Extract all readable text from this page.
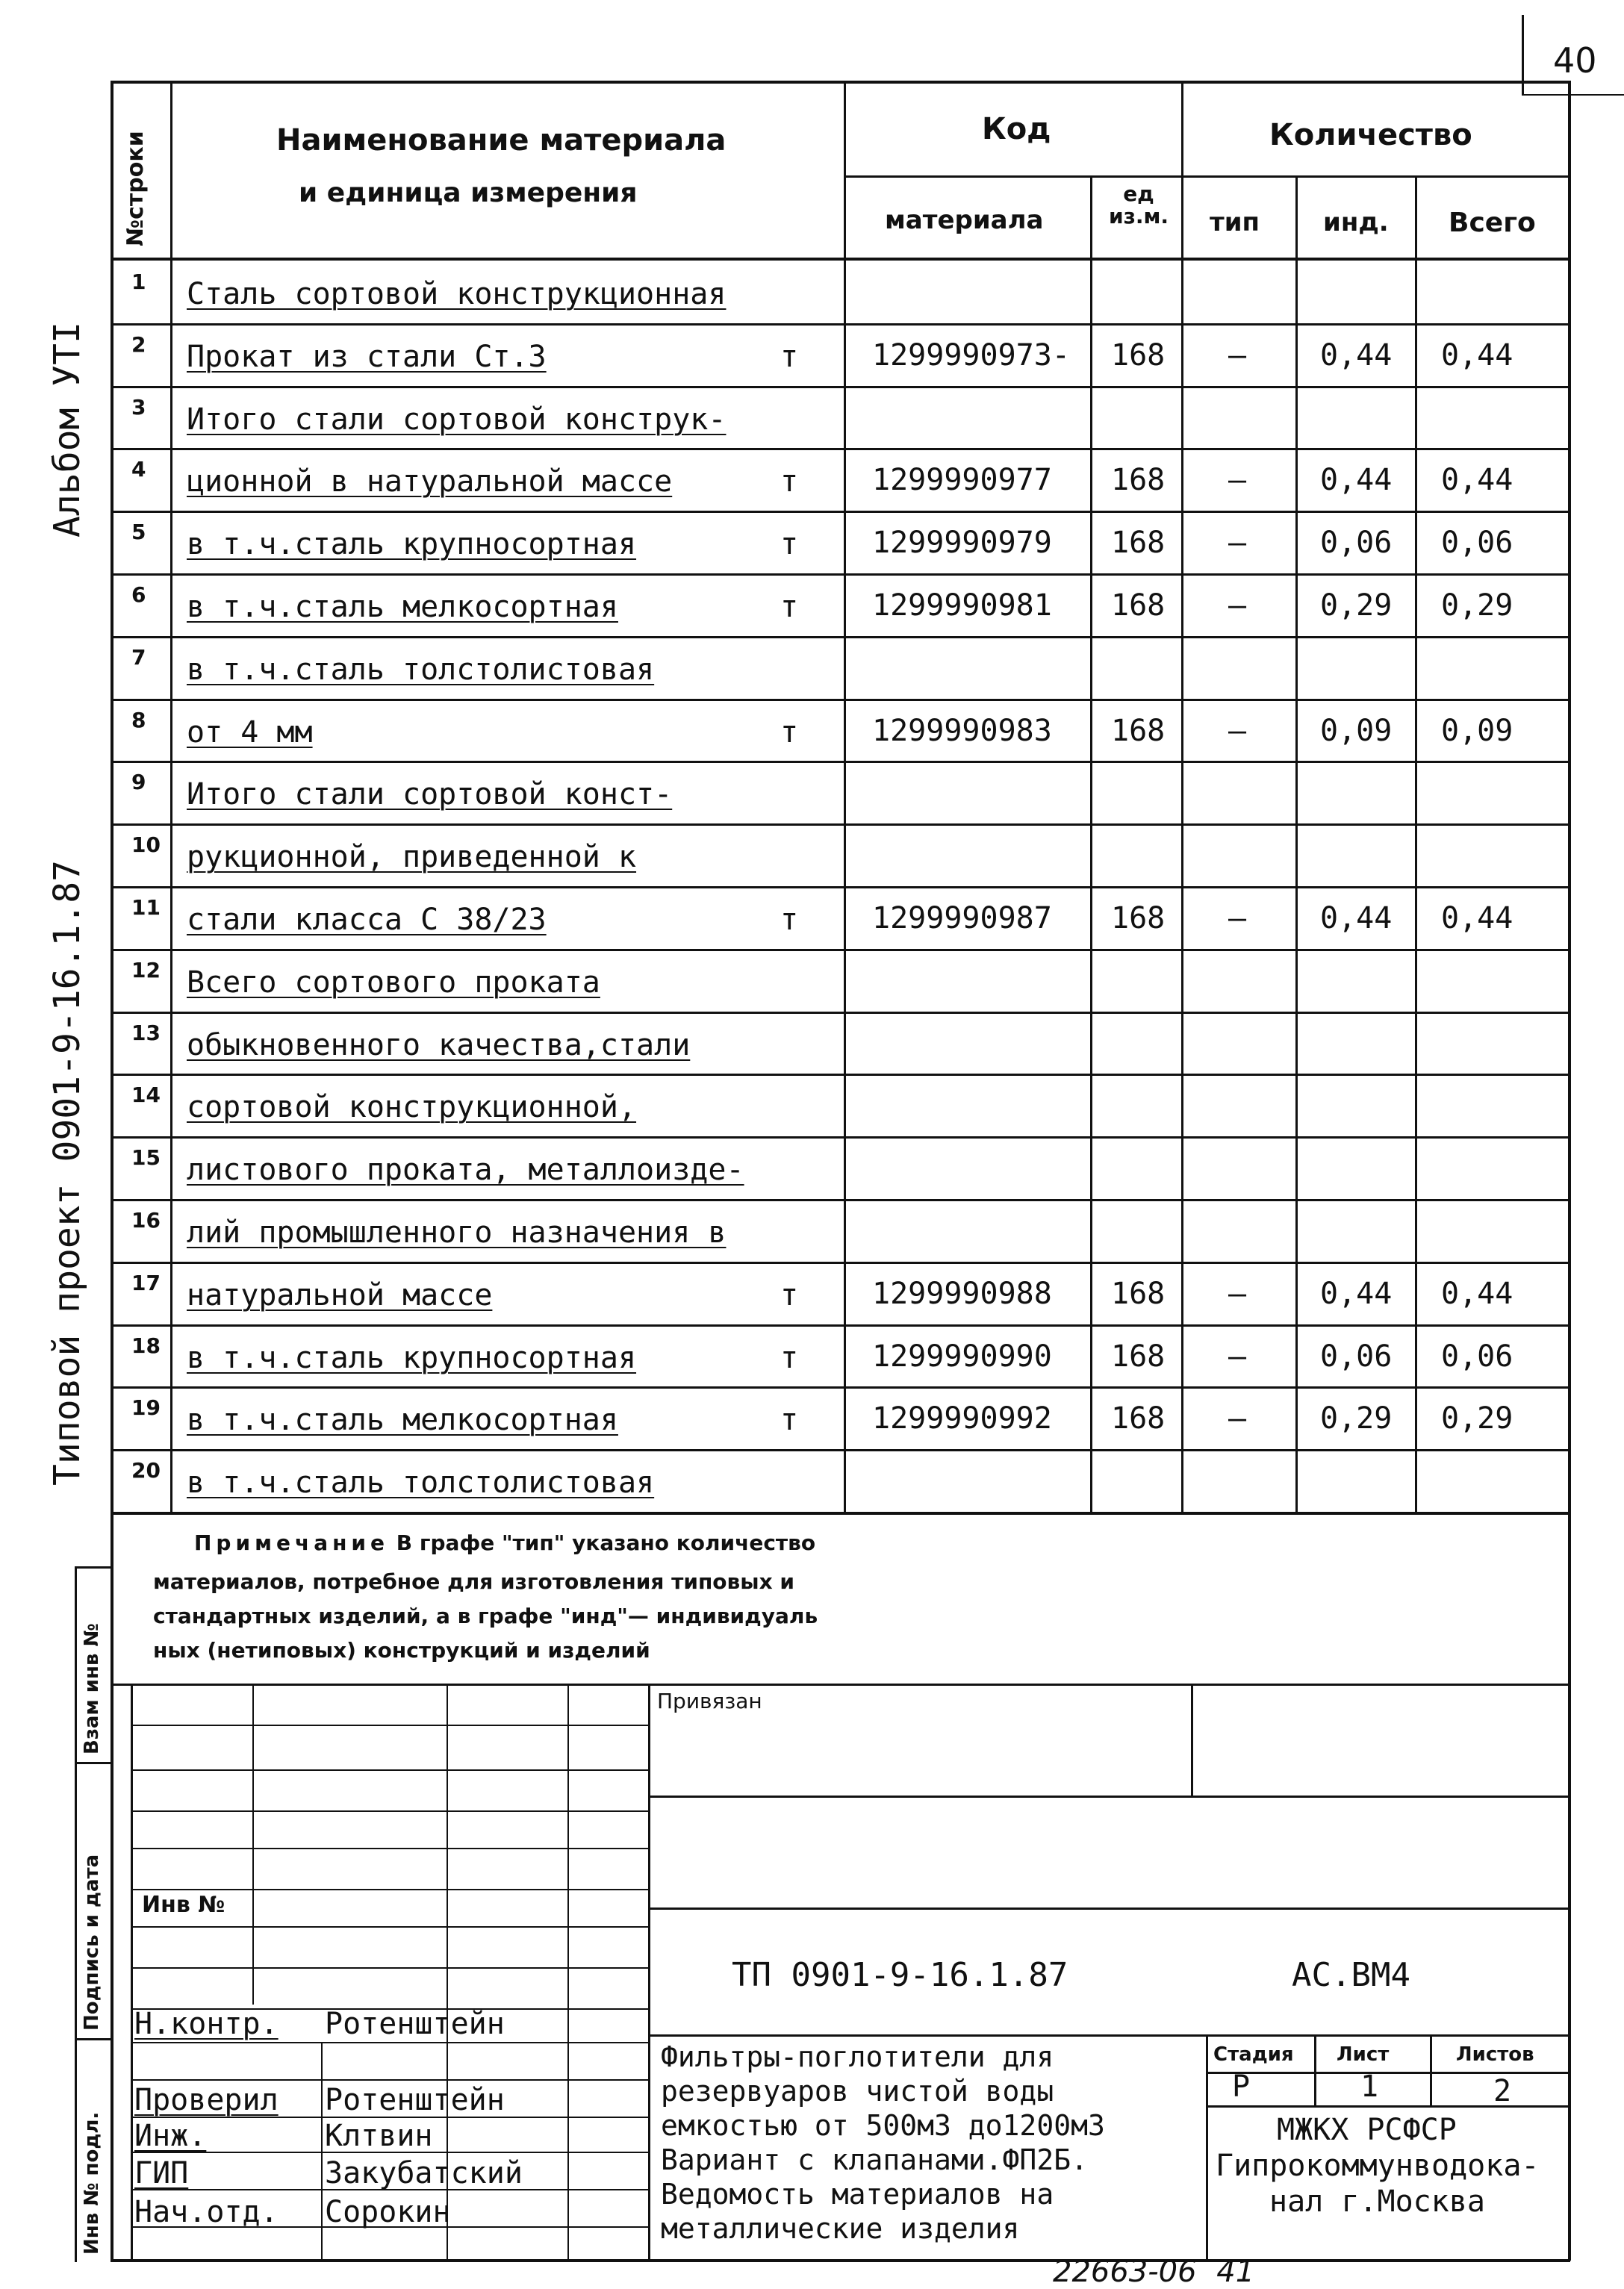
40
Альбом УТI
Типовой проект 0901-9-16.1.87
№строки	Наименование материала
и единица измерения
Код
материала
ед из.м.
Количество
тип инд. Всего
1 Сталь сортовой конструкционная
2 Прокат из стали Ст.3	т 1299990973- 168 – 0,44 0,44
3 Итого стали сортовой конструк-
4 ционной в натуральной массе	т 1299990977 168 – 0,44 0,44
5 в т.ч.сталь крупносортная	т 1299990979 168 – 0,06 0,06
6 в т.ч.сталь мелкосортная	т 1299990981 168 – 0,29 0,29
7 в т.ч.сталь толстолистовая
8 от 4 мм	т 1299990983 168 – 0,09 0,09
9 Итого стали сортовой конст-
10 рукционной, приведенной к
11 стали класса С 38/23	т 1299990987 168 – 0,44 0,44
12 Всего сортового проката
13 обыкновенного качества,стали
14 сортовой конструкционной,
15 листового проката, металлоизде-
16 лий промышленного назначения в
17 натуральной массе	т 1299990988 168 – 0,44 0,44
18 в т.ч.сталь крупносортная	т 1299990990 168 – 0,06 0,06
19 в т.ч.сталь мелкосортная	т 1299990992 168 – 0,29 0,29
20 в т.ч.сталь толстолистовая
Примечание В графе "тип" указано количество
материалов, потребное для изготовления типовых и
стандартных изделий, а в графе "инд"— индивидуаль
ных (нетиповых) конструкций и изделий
Взам инв №
Подпись и дата
Инв № подл.
Привязан
Инв №
ТП 0901-9-16.1.87	АС.ВМ4
Н.контр. Ротенштейн
Проверил Ротенштейн
Инж.	Клтвин
ГИП	Закубатский
Нач.отд. Сорокин
Фильтры-поглотители для
резервуаров чистой воды
емкостью от 500м3 до1200м3
Вариант с клапанами.ФП2Б.
Ведомость материалов на
металлические изделия
Стадия Лист	Листов
Р	1	2
МЖКХ РСФСР
Гипрокоммунводока-
нал г.Москва
22663-06 41
